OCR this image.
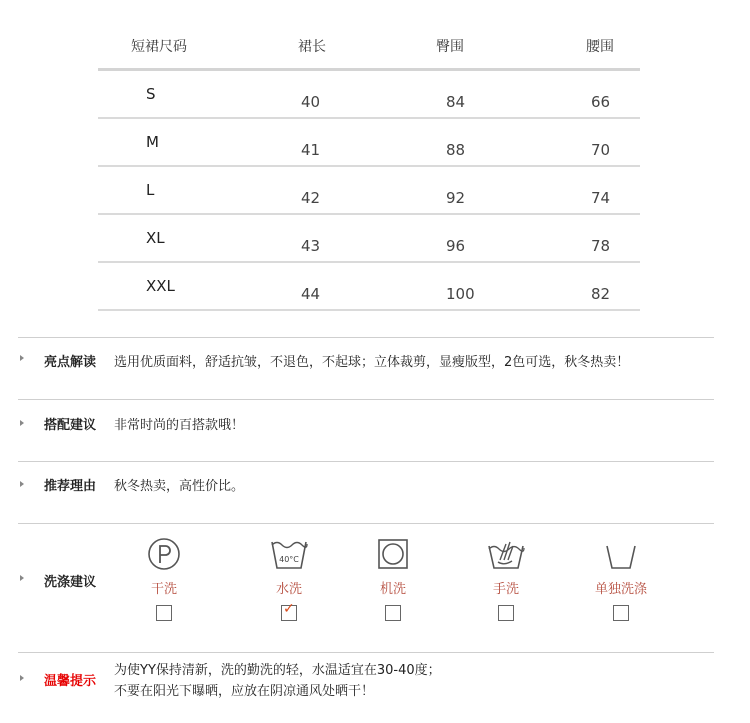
短裙尺码	裙长	臀围	腰围
S	40	84	66
M	41	88	70
L	42	92	74
XL	43	96	78
XXL	44	100	82
亮点解读 选用优质面料，舒适抗皱，不退色，不起球；立体裁剪，显瘦版型，2色可选，秋冬热卖！
搭配建议 非常时尚的百搭款哦！
推荐理由 秋冬热卖，高性价比。
洗涤建议	干洗
40°C
水洗
✓
机洗	手洗	单独洗涤
温馨提示
为使YY保持清新，洗的勤洗的轻，水温适宜在30-40度；
不要在阳光下曝晒，应放在阴凉通风处晒干！
